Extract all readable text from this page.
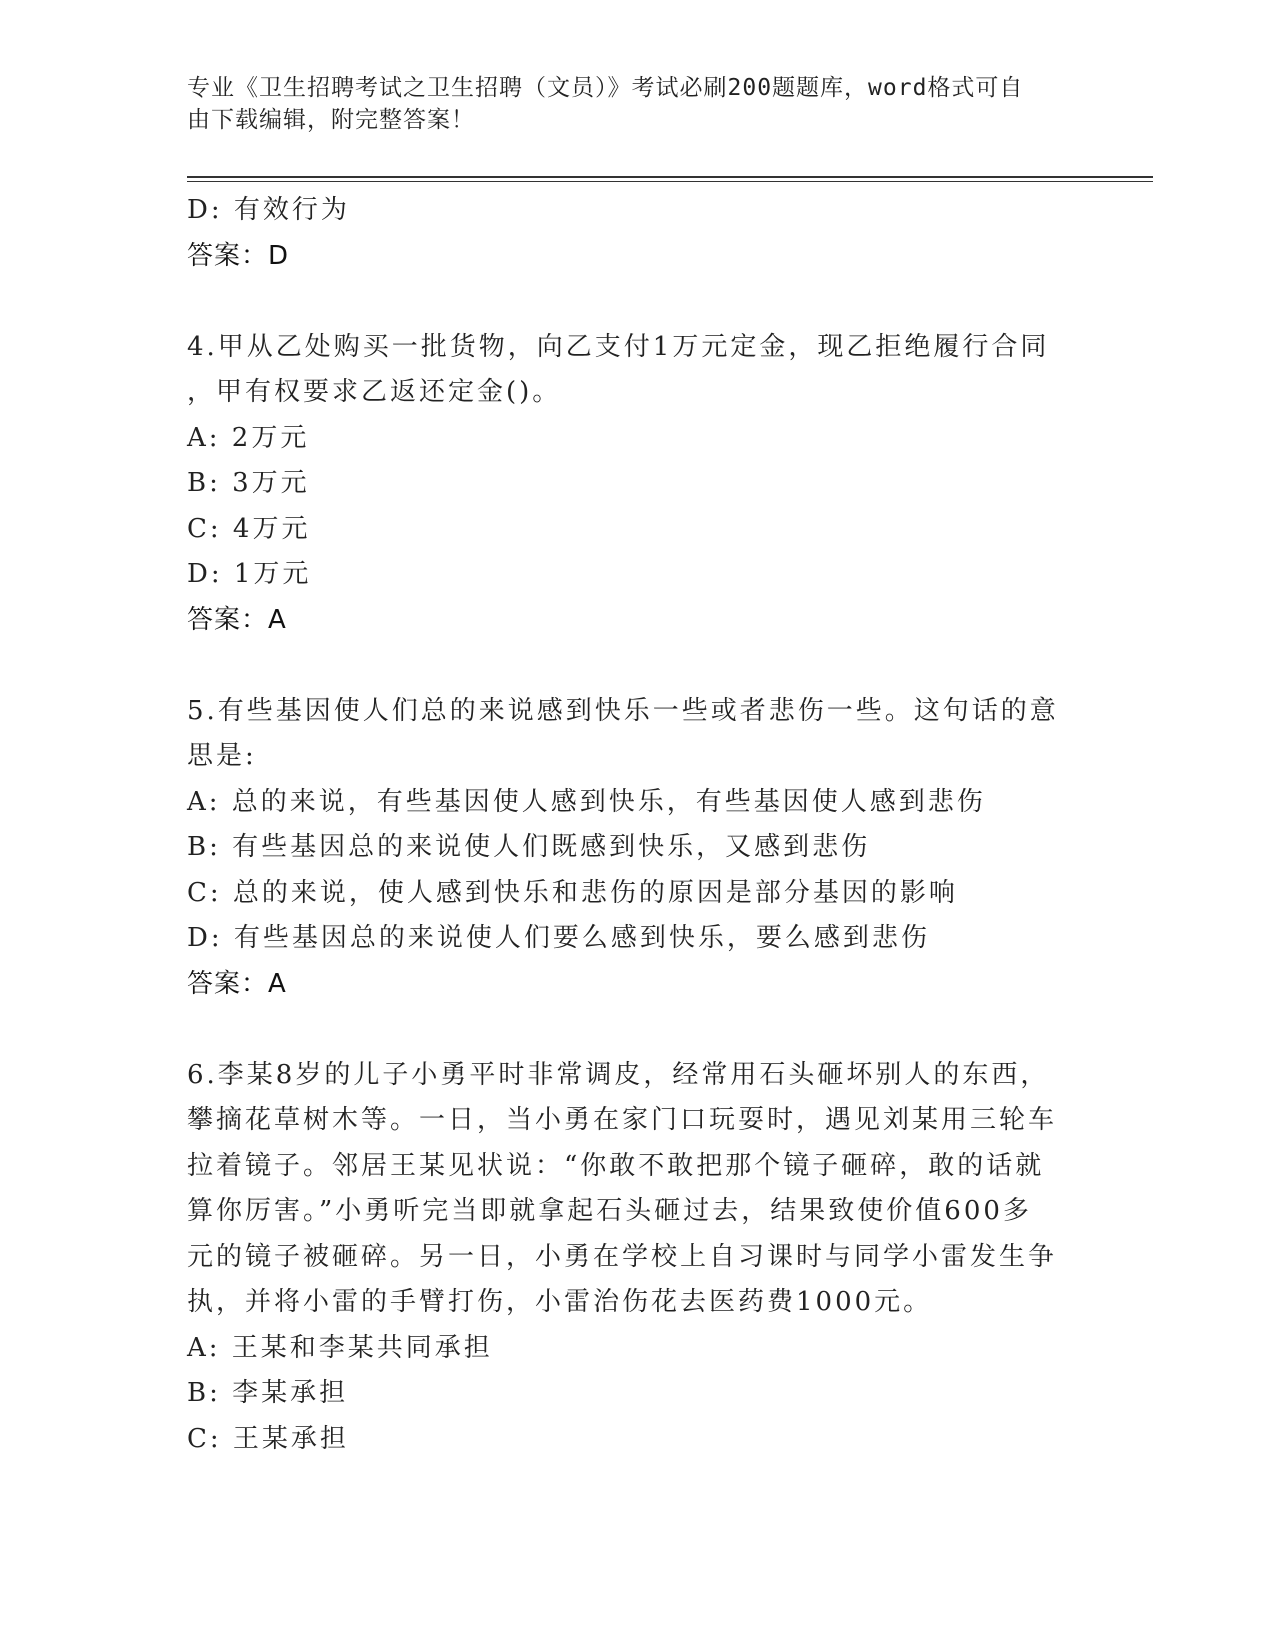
专业《卫生招聘考试之卫生招聘（文员）》考试必刷200题题库，word格式可自
由下载编辑，附完整答案！
D: 有效行为
答案：D
4.甲从乙处购买一批货物，向乙支付1万元定金，现乙拒绝履行合同
，甲有权要求乙返还定金()。
A: 2万元
B: 3万元
C: 4万元
D: 1万元
答案：A
5.有些基因使人们总的来说感到快乐一些或者悲伤一些。这句话的意
思是:
A: 总的来说，有些基因使人感到快乐，有些基因使人感到悲伤
B: 有些基因总的来说使人们既感到快乐，又感到悲伤
C: 总的来说，使人感到快乐和悲伤的原因是部分基因的影响
D: 有些基因总的来说使人们要么感到快乐，要么感到悲伤
答案：A
6.李某8岁的儿子小勇平时非常调皮，经常用石头砸坏别人的东西，
攀摘花草树木等。一日，当小勇在家门口玩耍时，遇见刘某用三轮车
拉着镜子。邻居王某见状说：“你敢不敢把那个镜子砸碎，敢的话就
算你厉害。”小勇听完当即就拿起石头砸过去，结果致使价值600多
元的镜子被砸碎。另一日，小勇在学校上自习课时与同学小雷发生争
执，并将小雷的手臂打伤，小雷治伤花去医药费1000元。
A: 王某和李某共同承担
B: 李某承担
C: 王某承担
